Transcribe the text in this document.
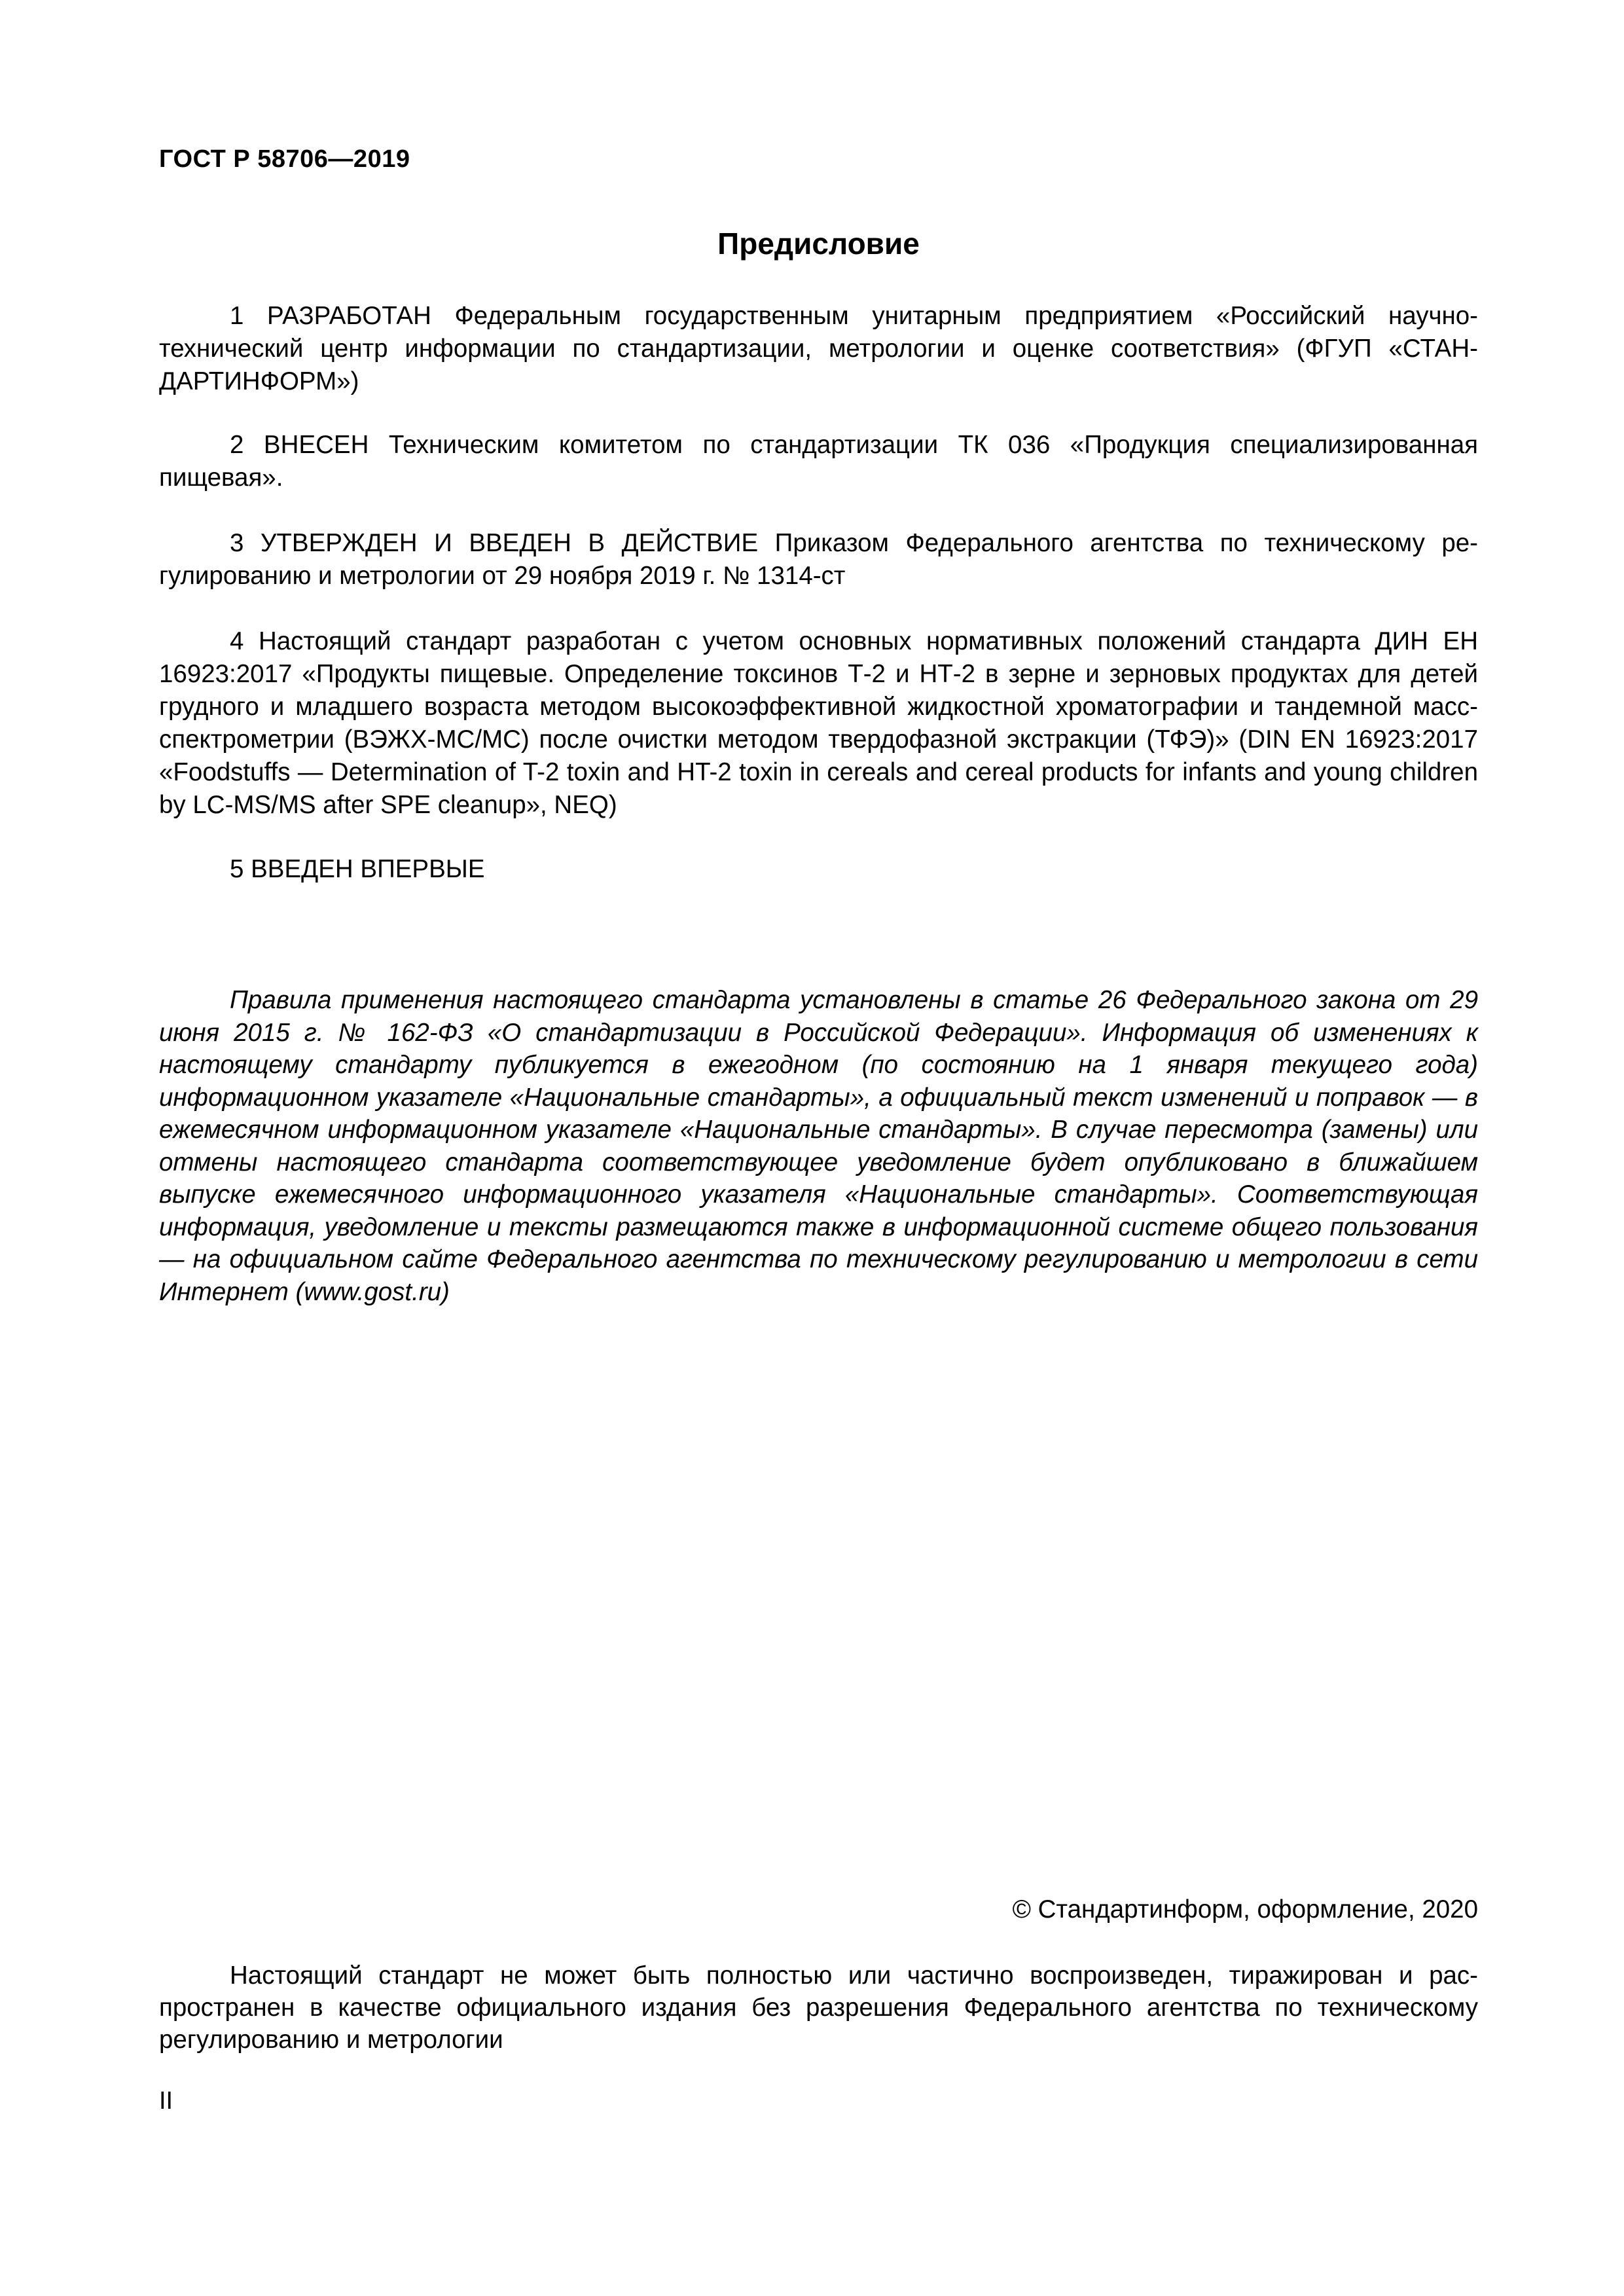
ГОСТ Р 58706—2019
Предисловие
1 РАЗРАБОТАН Федеральным государственным унитарным предприятием «Российский научно-технический центр информации по стандартизации, метрологии и оценке соответствия» (ФГУП «СТАНДАРТИНФОРМ»)
2 ВНЕСЕН Техническим комитетом по стандартизации ТК 036 «Продукция специализированная пищевая».
3 УТВЕРЖДЕН И ВВЕДЕН В ДЕЙСТВИЕ Приказом Федерального агентства по техническому регулированию и метрологии от 29 ноября 2019 г. № 1314-ст
4 Настоящий стандарт разработан с учетом основных нормативных положений стандарта ДИН ЕН 16923:2017 «Продукты пищевые. Определение токсинов Т-2 и НТ-2 в зерне и зерновых продуктах для детей грудного и младшего возраста методом высокоэффективной жидкостной хроматографии и тандемной масс-спектрометрии (ВЭЖХ-МС/МС) после очистки методом твердофазной экстракции (ТФЭ)» (DIN EN 16923:2017 «Foodstuffs — Determination of T-2 toxin and HT-2 toxin in cereals and cereal products for infants and young children by LC-MS/MS after SPE cleanup», NEQ)
5 ВВЕДЕН ВПЕРВЫЕ
Правила применения настоящего стандарта установлены в статье 26 Федерального закона от 29 июня 2015 г. № 162-ФЗ «О стандартизации в Российской Федерации». Информация об изменениях к настоящему стандарту публикуется в ежегодном (по состоянию на 1 января текущего года) информационном указателе «Национальные стандарты», а официальный текст изменений и поправок — в ежемесячном информационном указателе «Национальные стандарты». В случае пересмотра (замены) или отмены настоящего стандарта соответствующее уведомление будет опубликовано в ближайшем выпуске ежемесячного информационного указателя «Национальные стандарты». Соответствующая информация, уведомление и тексты размещаются также в информационной системе общего пользования — на официальном сайте Федерального агентства по техническому регулированию и метрологии в сети Интернет (www.gost.ru)
© Стандартинформ, оформление, 2020
Настоящий стандарт не может быть полностью или частично воспроизведен, тиражирован и распространен в качестве официального издания без разрешения Федерального агентства по техническому регулированию и метрологии
II
